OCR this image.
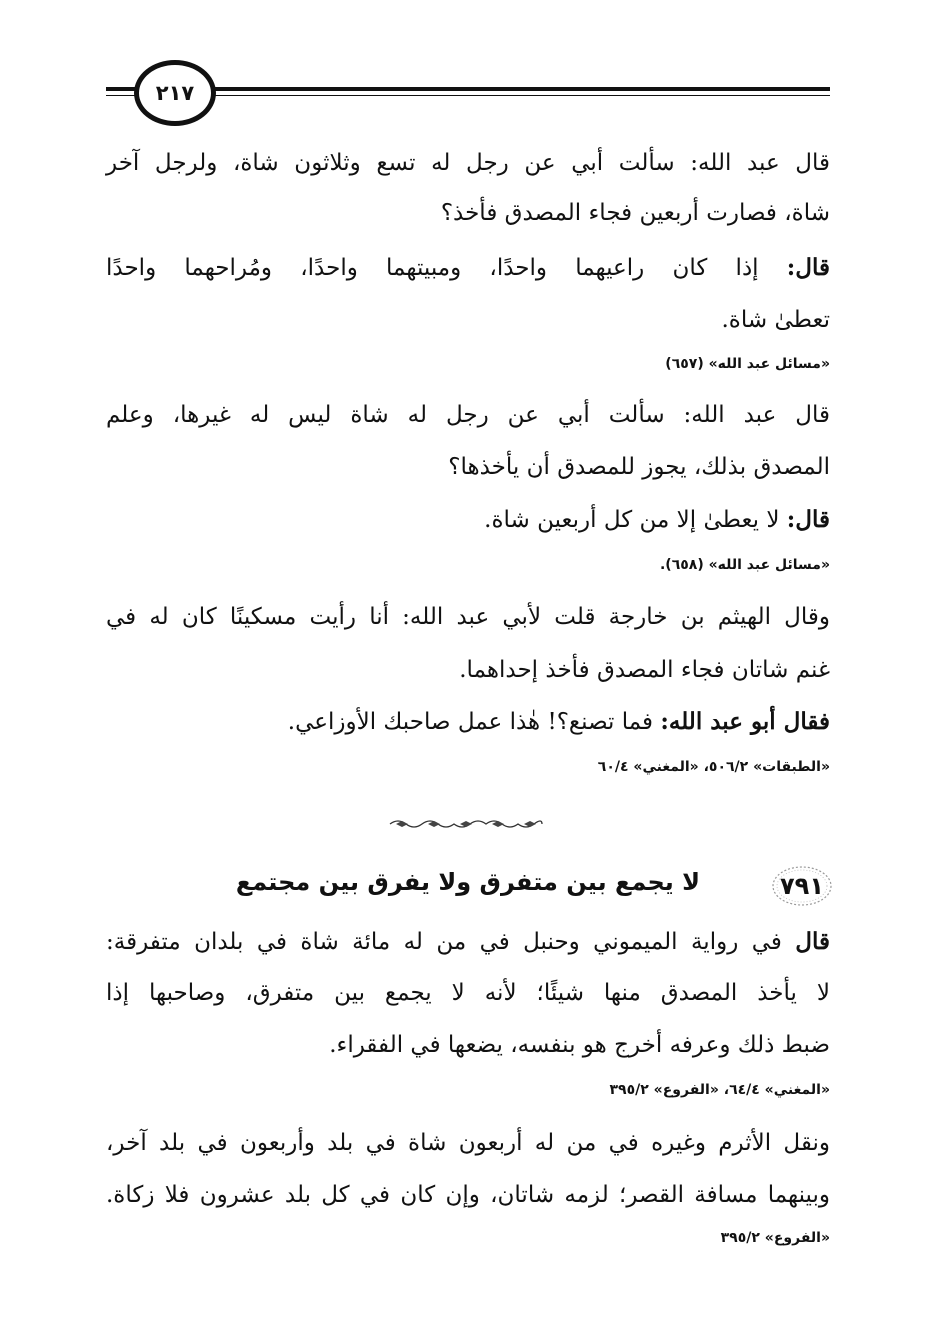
٢١٧
قال عبد الله: سألت أبي عن رجل له تسع وثلاثون شاة، ولرجل آخر
شاة، فصارت أربعين فجاء المصدق فأخذ؟
قال: إذا كان راعيهما واحدًا، ومبيتهما واحدًا، ومُراحهما واحدًا
تعطىٰ شاة.
«مسائل عبد الله» (٦٥٧)
قال عبد الله: سألت أبي عن رجل له شاة ليس له غيرها، وعلم
المصدق بذلك، يجوز للمصدق أن يأخذها؟
قال: لا يعطىٰ إلا من كل أربعين شاة.
«مسائل عبد الله» (٦٥٨).
وقال الهيثم بن خارجة قلت لأبي عبد الله: أنا رأيت مسكينًا كان له في
غنم شاتان فجاء المصدق فأخذ إحداهما.
فقال أبو عبد الله: فما تصنع؟! هٰذا عمل صاحبك الأوزاعي.
«الطبقات» ٥٠٦/٢، «المغني» ٦٠/٤
٧٩١
لا يجمع بين متفرق ولا يفرق بين مجتمع
قال في رواية الميموني وحنبل في من له مائة شاة في بلدان متفرقة:
لا يأخذ المصدق منها شيئًا؛ لأنه لا يجمع بين متفرق، وصاحبها إذا
ضبط ذلك وعرفه أخرج هو بنفسه، يضعها في الفقراء.
«المغني» ٦٤/٤، «الفروع» ٣٩٥/٢
ونقل الأثرم وغيره في من له أربعون شاة في بلد وأربعون في بلد آخر،
وبينهما مسافة القصر؛ لزمه شاتان، وإن كان في كل بلد عشرون فلا زكاة.
«الفروع» ٣٩٥/٢
